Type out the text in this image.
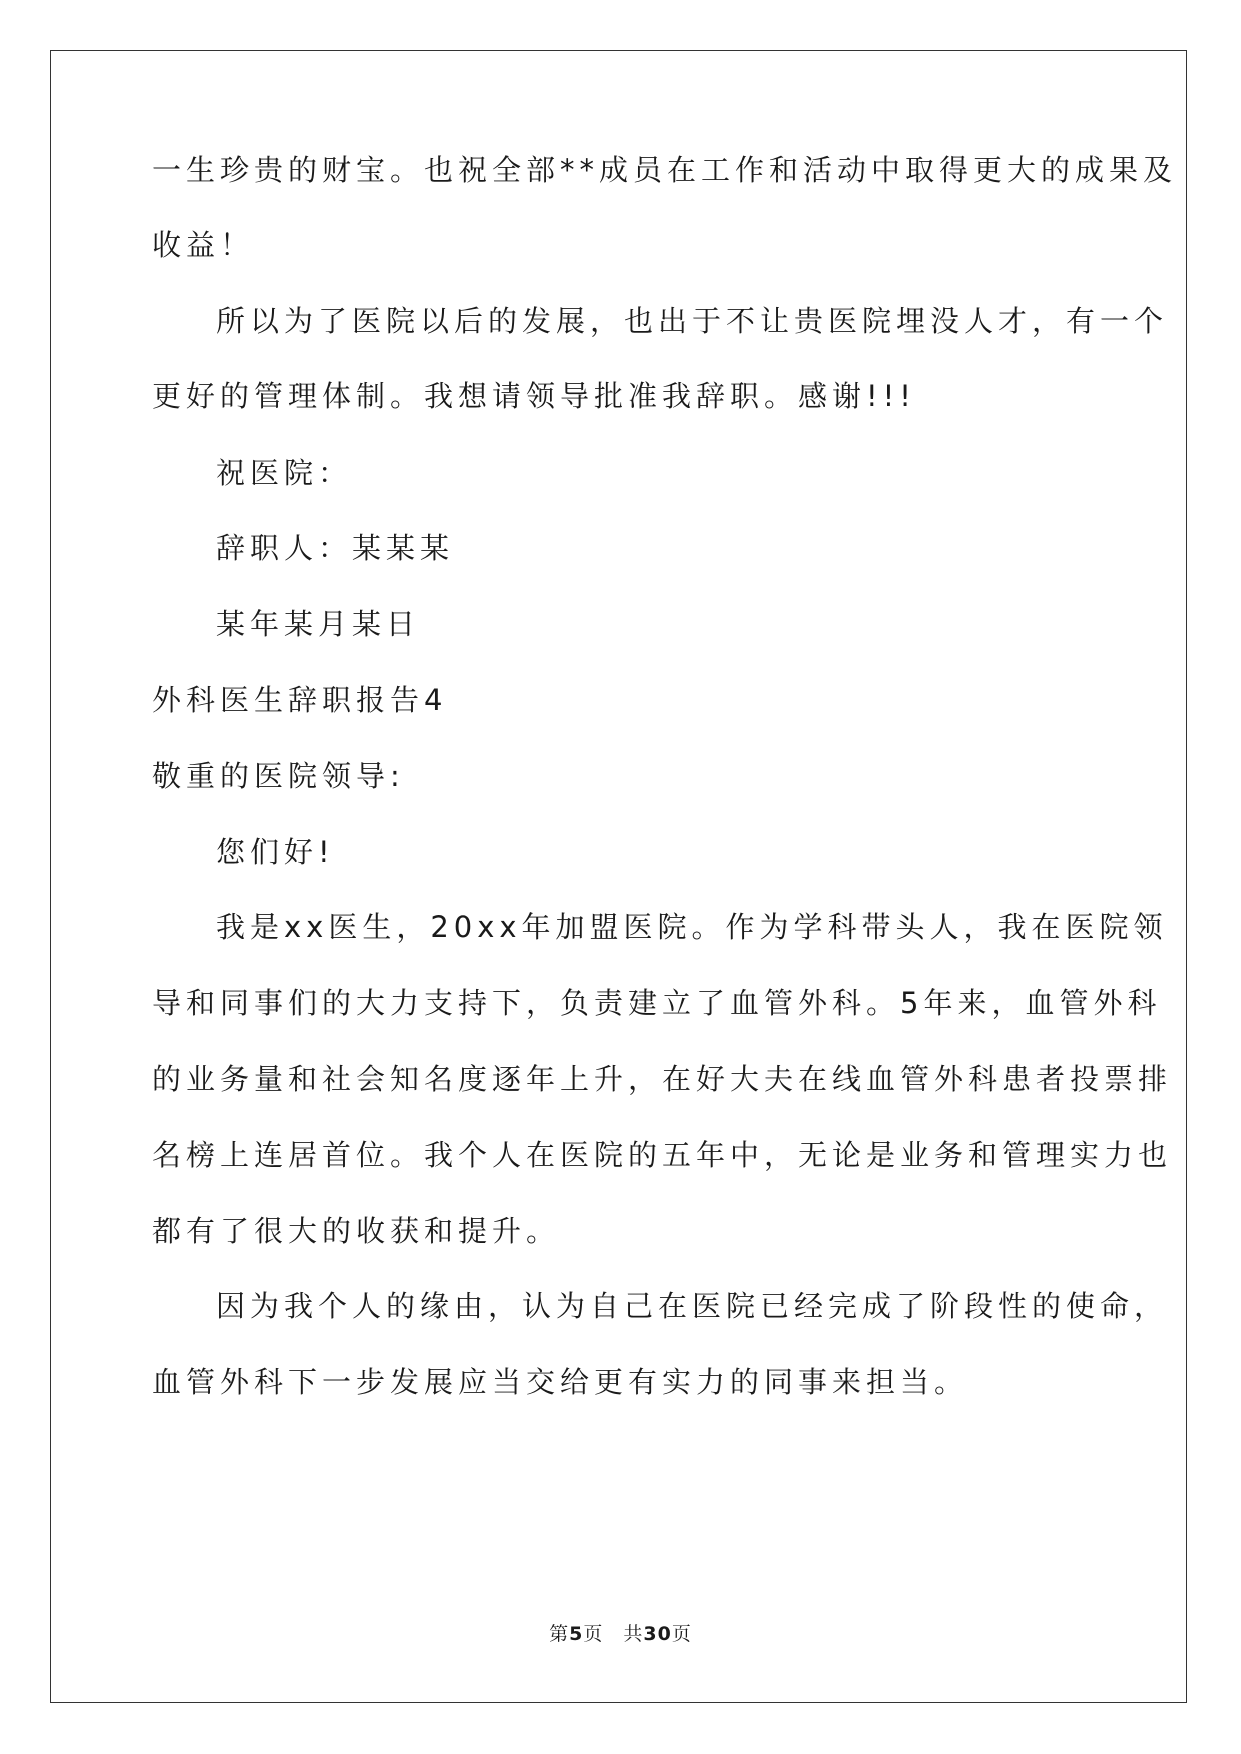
一生珍贵的财宝。也祝全部**成员在工作和活动中取得更大的成果及
收益！
所以为了医院以后的发展，也出于不让贵医院埋没人才，有一个
更好的管理体制。我想请领导批准我辞职。感谢!!!
祝医院：
辞职人：某某某
某年某月某日
外科医生辞职报告4
敬重的医院领导:
您们好!
我是xx医生，20xx年加盟医院。作为学科带头人，我在医院领
导和同事们的大力支持下，负责建立了血管外科。5年来，血管外科
的业务量和社会知名度逐年上升，在好大夫在线血管外科患者投票排
名榜上连居首位。我个人在医院的五年中，无论是业务和管理实力也
都有了很大的收获和提升。
因为我个人的缘由，认为自己在医院已经完成了阶段性的使命，
血管外科下一步发展应当交给更有实力的同事来担当。
第5页 共30页
